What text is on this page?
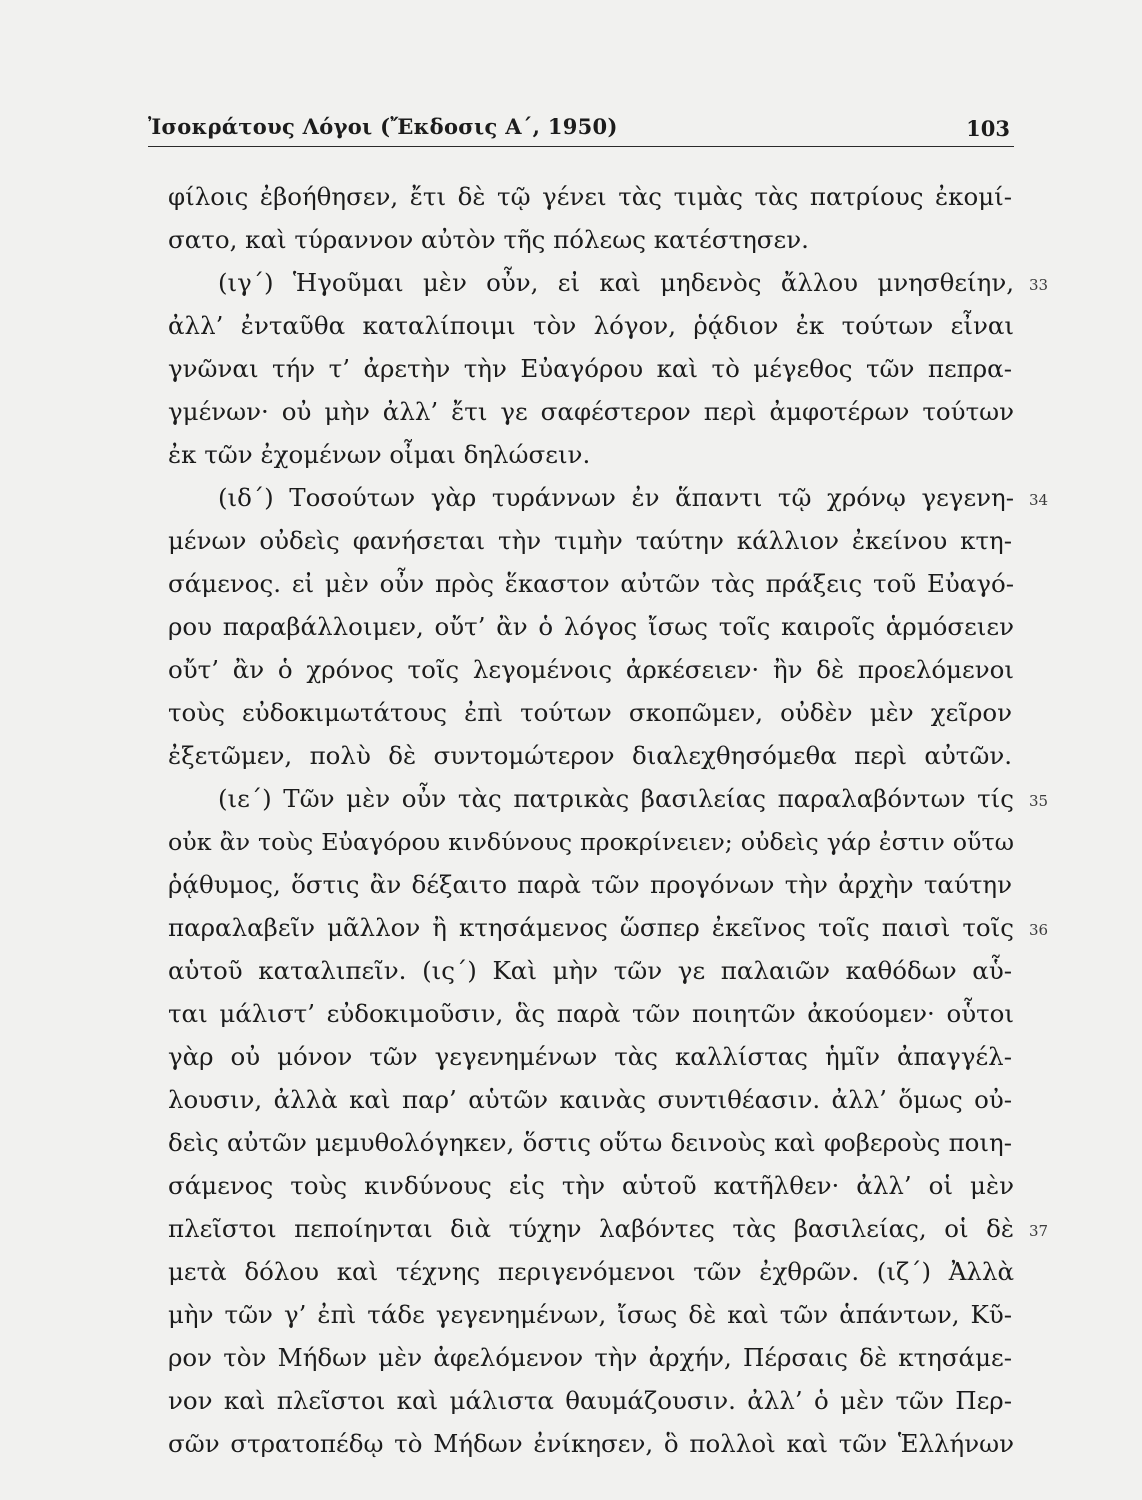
Ἰσοκράτους Λόγοι (Ἔκδοσις Α΄, 1950)	103
φίλοις ἐβοήθησεν, ἔτι δὲ τῷ γένει τὰς τιμὰς τὰς πατρίους ἐκομί-
σατο, καὶ τύραννον αὐτὸν τῆς πόλεως κατέστησεν.
(ιγ΄) Ἡγοῦμαι μὲν οὖν, εἰ καὶ μηδενὸς ἄλλου μνησθείην,
ἀλλ’ ἐνταῦθα καταλίποιμι τὸν λόγον, ῥᾴδιον ἐκ τούτων εἶναι
γνῶναι τήν τ’ ἀρετὴν τὴν Εὐαγόρου καὶ τὸ μέγεθος τῶν πεπρα-
γμένων· οὐ μὴν ἀλλ’ ἔτι γε σαφέστερον περὶ ἀμφοτέρων τούτων
ἐκ τῶν ἐχομένων οἶμαι δηλώσειν.
(ιδ΄) Τοσούτων γὰρ τυράννων ἐν ἅπαντι τῷ χρόνῳ γεγενη-
μένων οὐδεὶς φανήσεται τὴν τιμὴν ταύτην κάλλιον ἐκείνου κτη-
σάμενος. εἰ μὲν οὖν πρὸς ἕκαστον αὐτῶν τὰς πράξεις τοῦ Εὐαγό-
ρου παραβάλλοιμεν, οὔτ’ ἂν ὁ λόγος ἴσως τοῖς καιροῖς ἁρμόσειεν
οὔτ’ ἂν ὁ χρόνος τοῖς λεγομένοις ἀρκέσειεν· ἢν δὲ προελόμενοι
τοὺς εὐδοκιμωτάτους ἐπὶ τούτων σκοπῶμεν, οὐδὲν μὲν χεῖρον
ἐξετῶμεν, πολὺ δὲ συντομώτερον διαλεχθησόμεθα περὶ αὐτῶν.
(ιε΄) Τῶν μὲν οὖν τὰς πατρικὰς βασιλείας παραλαβόντων τίς
οὐκ ἂν τοὺς Εὐαγόρου κινδύνους προκρίνειεν; οὐδεὶς γάρ ἐστιν οὕτω
ῥᾴθυμος, ὅστις ἂν δέξαιτο παρὰ τῶν προγόνων τὴν ἀρχὴν ταύτην
παραλαβεῖν μᾶλλον ἢ κτησάμενος ὥσπερ ἐκεῖνος τοῖς παισὶ τοῖς
αὑτοῦ καταλιπεῖν. (ις΄) Καὶ μὴν τῶν γε παλαιῶν καθόδων αὗ-
ται μάλιστ’ εὐδοκιμοῦσιν, ἃς παρὰ τῶν ποιητῶν ἀκούομεν· οὗτοι
γὰρ οὐ μόνον τῶν γεγενημένων τὰς καλλίστας ἡμῖν ἀπαγγέλ-
λουσιν, ἀλλὰ καὶ παρ’ αὑτῶν καινὰς συντιθέασιν. ἀλλ’ ὅμως οὐ-
δεὶς αὐτῶν μεμυθολόγηκεν, ὅστις οὕτω δεινοὺς καὶ φοβεροὺς ποιη-
σάμενος τοὺς κινδύνους εἰς τὴν αὑτοῦ κατῆλθεν· ἀλλ’ οἱ μὲν
πλεῖστοι πεποίηνται διὰ τύχην λαβόντες τὰς βασιλείας, οἱ δὲ
μετὰ δόλου καὶ τέχνης περιγενόμενοι τῶν ἐχθρῶν. (ιζ΄) Ἀλλὰ
μὴν τῶν γ’ ἐπὶ τάδε γεγενημένων, ἴσως δὲ καὶ τῶν ἁπάντων, Κῦ-
ρον τὸν Μήδων μὲν ἀφελόμενον τὴν ἀρχήν, Πέρσαις δὲ κτησάμε-
νον καὶ πλεῖστοι καὶ μάλιστα θαυμάζουσιν. ἀλλ’ ὁ μὲν τῶν Περ-
σῶν στρατοπέδῳ τὸ Μήδων ἐνίκησεν, ὃ πολλοὶ καὶ τῶν Ἑλλήνων
33
34
35
36
37
